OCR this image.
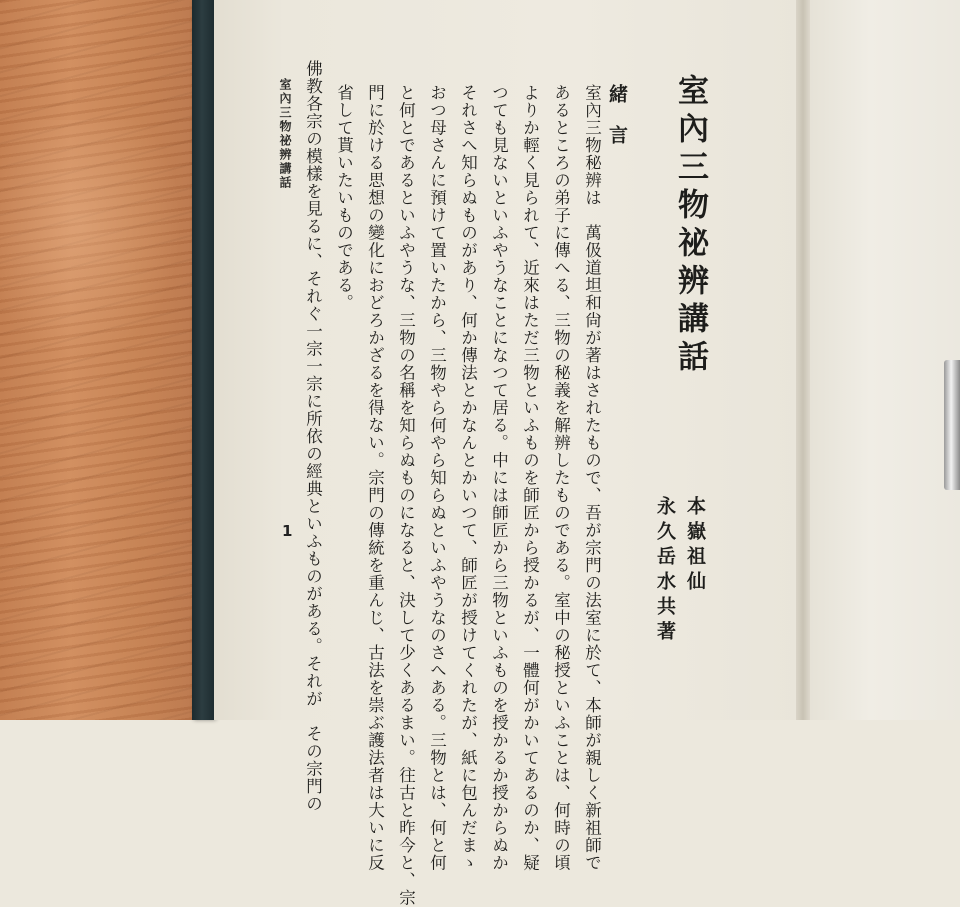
室內三物祕辨講話
緒言
本嶽祖仙
永久岳水共著

室內三物秘辨は　萬伋道坦和尙が著はされたもので、吾が宗門の法室に於て、本師が親しく新祖師で

あるところの弟子に傳へる、三物の秘義を解辨したものである。室中の秘授といふことは、何時の頃

よりか輕く見られて、近來はただ三物といふものを師匠から授かるが、一體何がかいてあるのか、疑

つても見ないといふやうなことになつて居る。中には師匠から三物といふものを授かるか授からぬか

それさへ知らぬものがあり、何か傳法とかなんとかいつて、師匠が授けてくれたが、紙に包んだまゝ

おつ母さんに預けて置いたから、三物やら何やら知らぬといふやうなのさへある。三物とは、何と何

と何とであるといふやうな、三物の名稱を知らぬものになると、決して少くあるまい。往古と昨今と、宗

門に於ける思想の變化におどろかざるを得ない。宗門の傳統を重んじ、古法を崇ぶ護法者は大いに反

省して貰いたいものである。

佛教各宗の模樣を見るに、それぐ一宗一宗に所依の經典といふものがある。それが　その宗門の

室內三物祕辨講話
1
